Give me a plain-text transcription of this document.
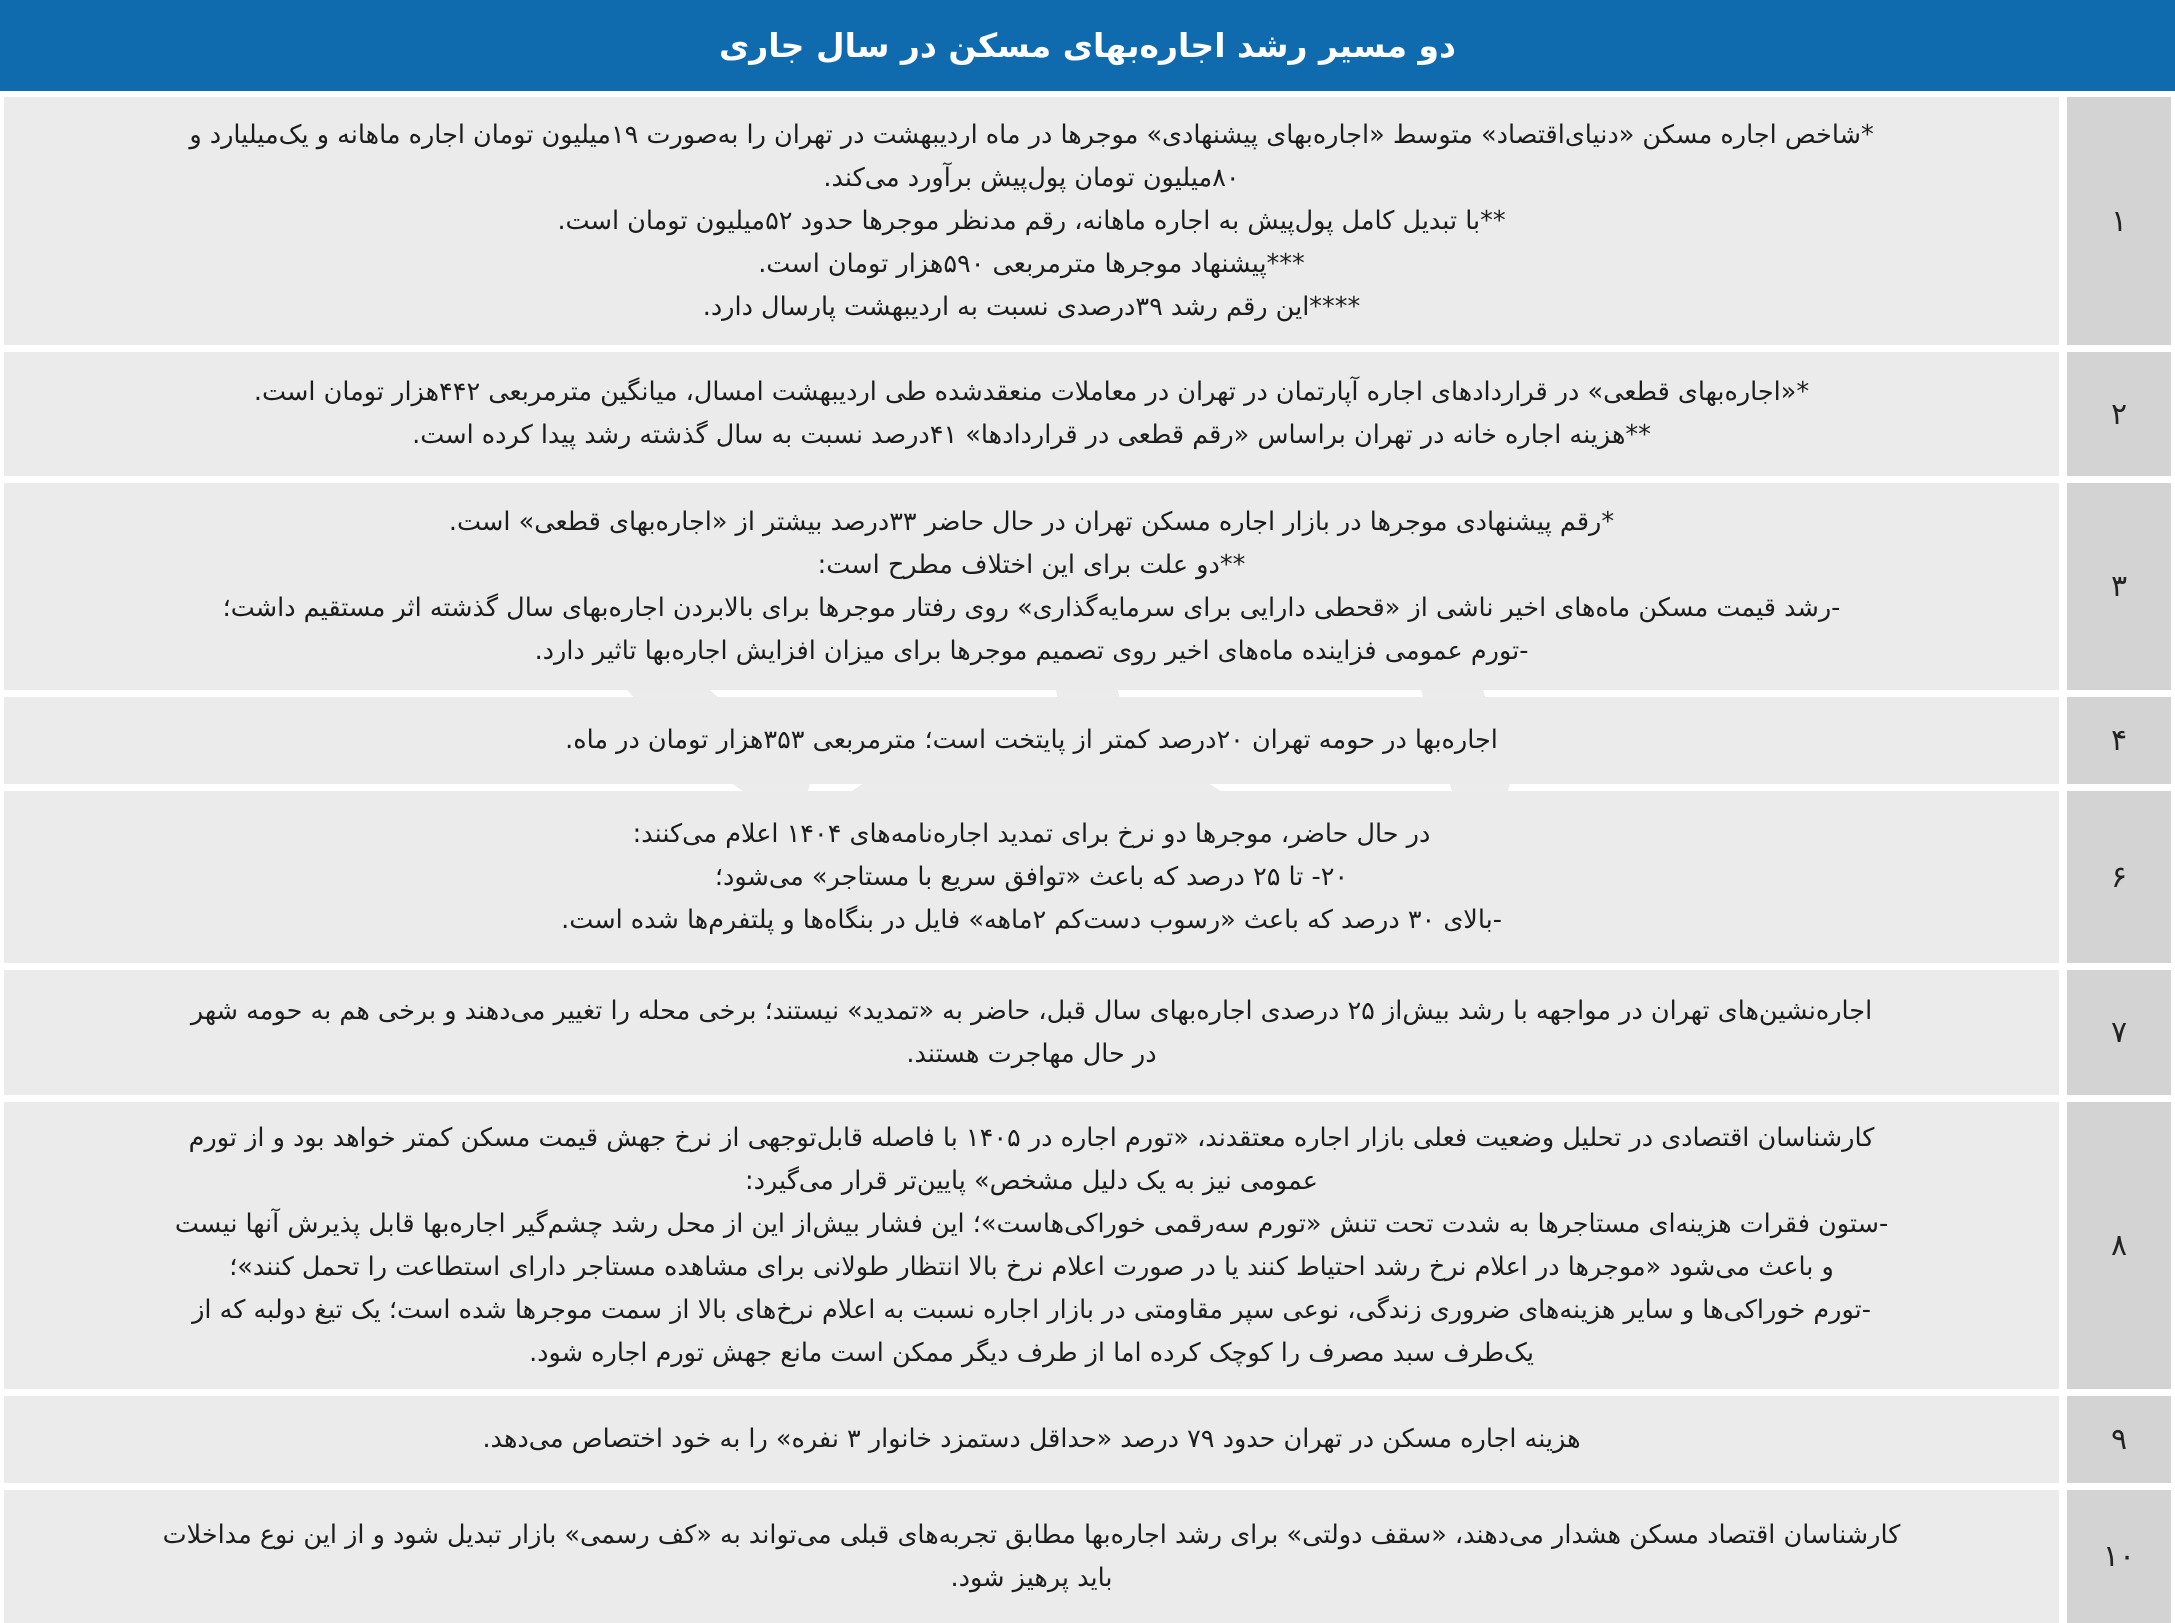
دو مسیر رشد اجاره‌بهای مسکن در سال جاری
۱
*شاخص اجاره مسکن «دنیای‌اقتصاد» متوسط «اجاره‌بهای پیشنهادی» موجرها در ماه اردیبهشت در تهران را به‌صورت ۱۹میلیون تومان اجاره ماهانه و یک‌میلیارد و
۸۰میلیون تومان پول‌پیش برآورد می‌کند.
**با تبدیل کامل پول‌پیش به اجاره ماهانه، رقم مدنظر موجرها حدود ۵۲میلیون تومان است.
***پیشنهاد موجرها مترمربعی ۵۹۰هزار تومان است.
****این رقم رشد ۳۹درصدی نسبت به اردیبهشت پارسال دارد.
۲
*«اجاره‌بهای قطعی» در قراردادهای اجاره آپارتمان در تهران در معاملات منعقدشده طی اردیبهشت امسال، میانگین مترمربعی ۴۴۲هزار تومان است.
**هزینه اجاره خانه در تهران براساس «رقم قطعی در قراردادها» ۴۱درصد نسبت به سال گذشته رشد پیدا کرده است.
۳
*رقم پیشنهادی موجرها در بازار اجاره مسکن تهران در حال حاضر ۳۳درصد بیشتر از «اجاره‌بهای قطعی» است.
**دو علت برای این اختلاف مطرح است:
-رشد قیمت مسکن ماه‌های اخیر ناشی از «قحطی دارایی برای سرمایه‌گذاری» روی رفتار موجرها برای بالابردن اجاره‌بهای سال گذشته اثر مستقیم داشت؛
-تورم عمومی فزاینده ماه‌های اخیر روی تصمیم موجرها برای میزان افزایش اجاره‌بها تاثیر دارد.
۴
اجاره‌بها در حومه تهران ۲۰درصد کمتر از پایتخت است؛ مترمربعی ۳۵۳هزار تومان در ماه.
۶
در حال حاضر، موجرها دو نرخ برای تمدید اجاره‌نامه‌های ۱۴۰۴ اعلام می‌کنند:
۲۰- تا ۲۵ درصد که باعث «توافق سریع با مستاجر» می‌شود؛
-بالای ۳۰ درصد که باعث «رسوب دست‌کم ۲ماهه» فایل در بنگاه‌ها و پلتفرم‌ها شده است.
۷
اجاره‌نشین‌های تهران در مواجهه با رشد بیش‌از ۲۵ درصدی اجاره‌بهای سال قبل، حاضر به «تمدید» نیستند؛ برخی محله را تغییر می‌دهند و برخی هم به حومه شهر
در حال مهاجرت هستند.
۸
کارشناسان اقتصادی در تحلیل وضعیت فعلی بازار اجاره معتقدند، «تورم اجاره در ۱۴۰۵ با فاصله قابل‌توجهی از نرخ جهش قیمت مسکن کمتر خواهد بود و از تورم
عمومی نیز به یک دلیل مشخص» پایین‌تر قرار می‌گیرد:
-ستون فقرات هزینه‌ای مستاجرها به شدت تحت تنش «تورم سه‌رقمی خوراکی‌هاست»؛ این فشار بیش‌از این از محل رشد چشم‌گیر اجاره‌بها قابل پذیرش آنها نیست
و باعث می‌شود «موجرها در اعلام نرخ رشد احتیاط کنند یا در صورت اعلام نرخ بالا انتظار طولانی برای مشاهده مستاجر دارای استطاعت را تحمل کنند»؛
-تورم خوراکی‌ها و سایر هزینه‌های ضروری زندگی، نوعی سپر مقاومتی در بازار اجاره نسبت به اعلام نرخ‌های بالا از سمت موجرها شده است؛ یک تیغ دولبه که از
یک‌طرف سبد مصرف را کوچک کرده اما از طرف دیگر ممکن است مانع جهش تورم اجاره شود.
۹
هزینه اجاره مسکن در تهران حدود ۷۹ درصد «حداقل دستمزد خانوار ۳ نفره» را به خود اختصاص می‌دهد.
۱۰
کارشناسان اقتصاد مسکن هشدار می‌دهند، «سقف دولتی» برای رشد اجاره‌بها مطابق تجربه‌های قبلی می‌تواند به «کف رسمی» بازار تبدیل شود و از این نوع مداخلات
باید پرهیز شود.
